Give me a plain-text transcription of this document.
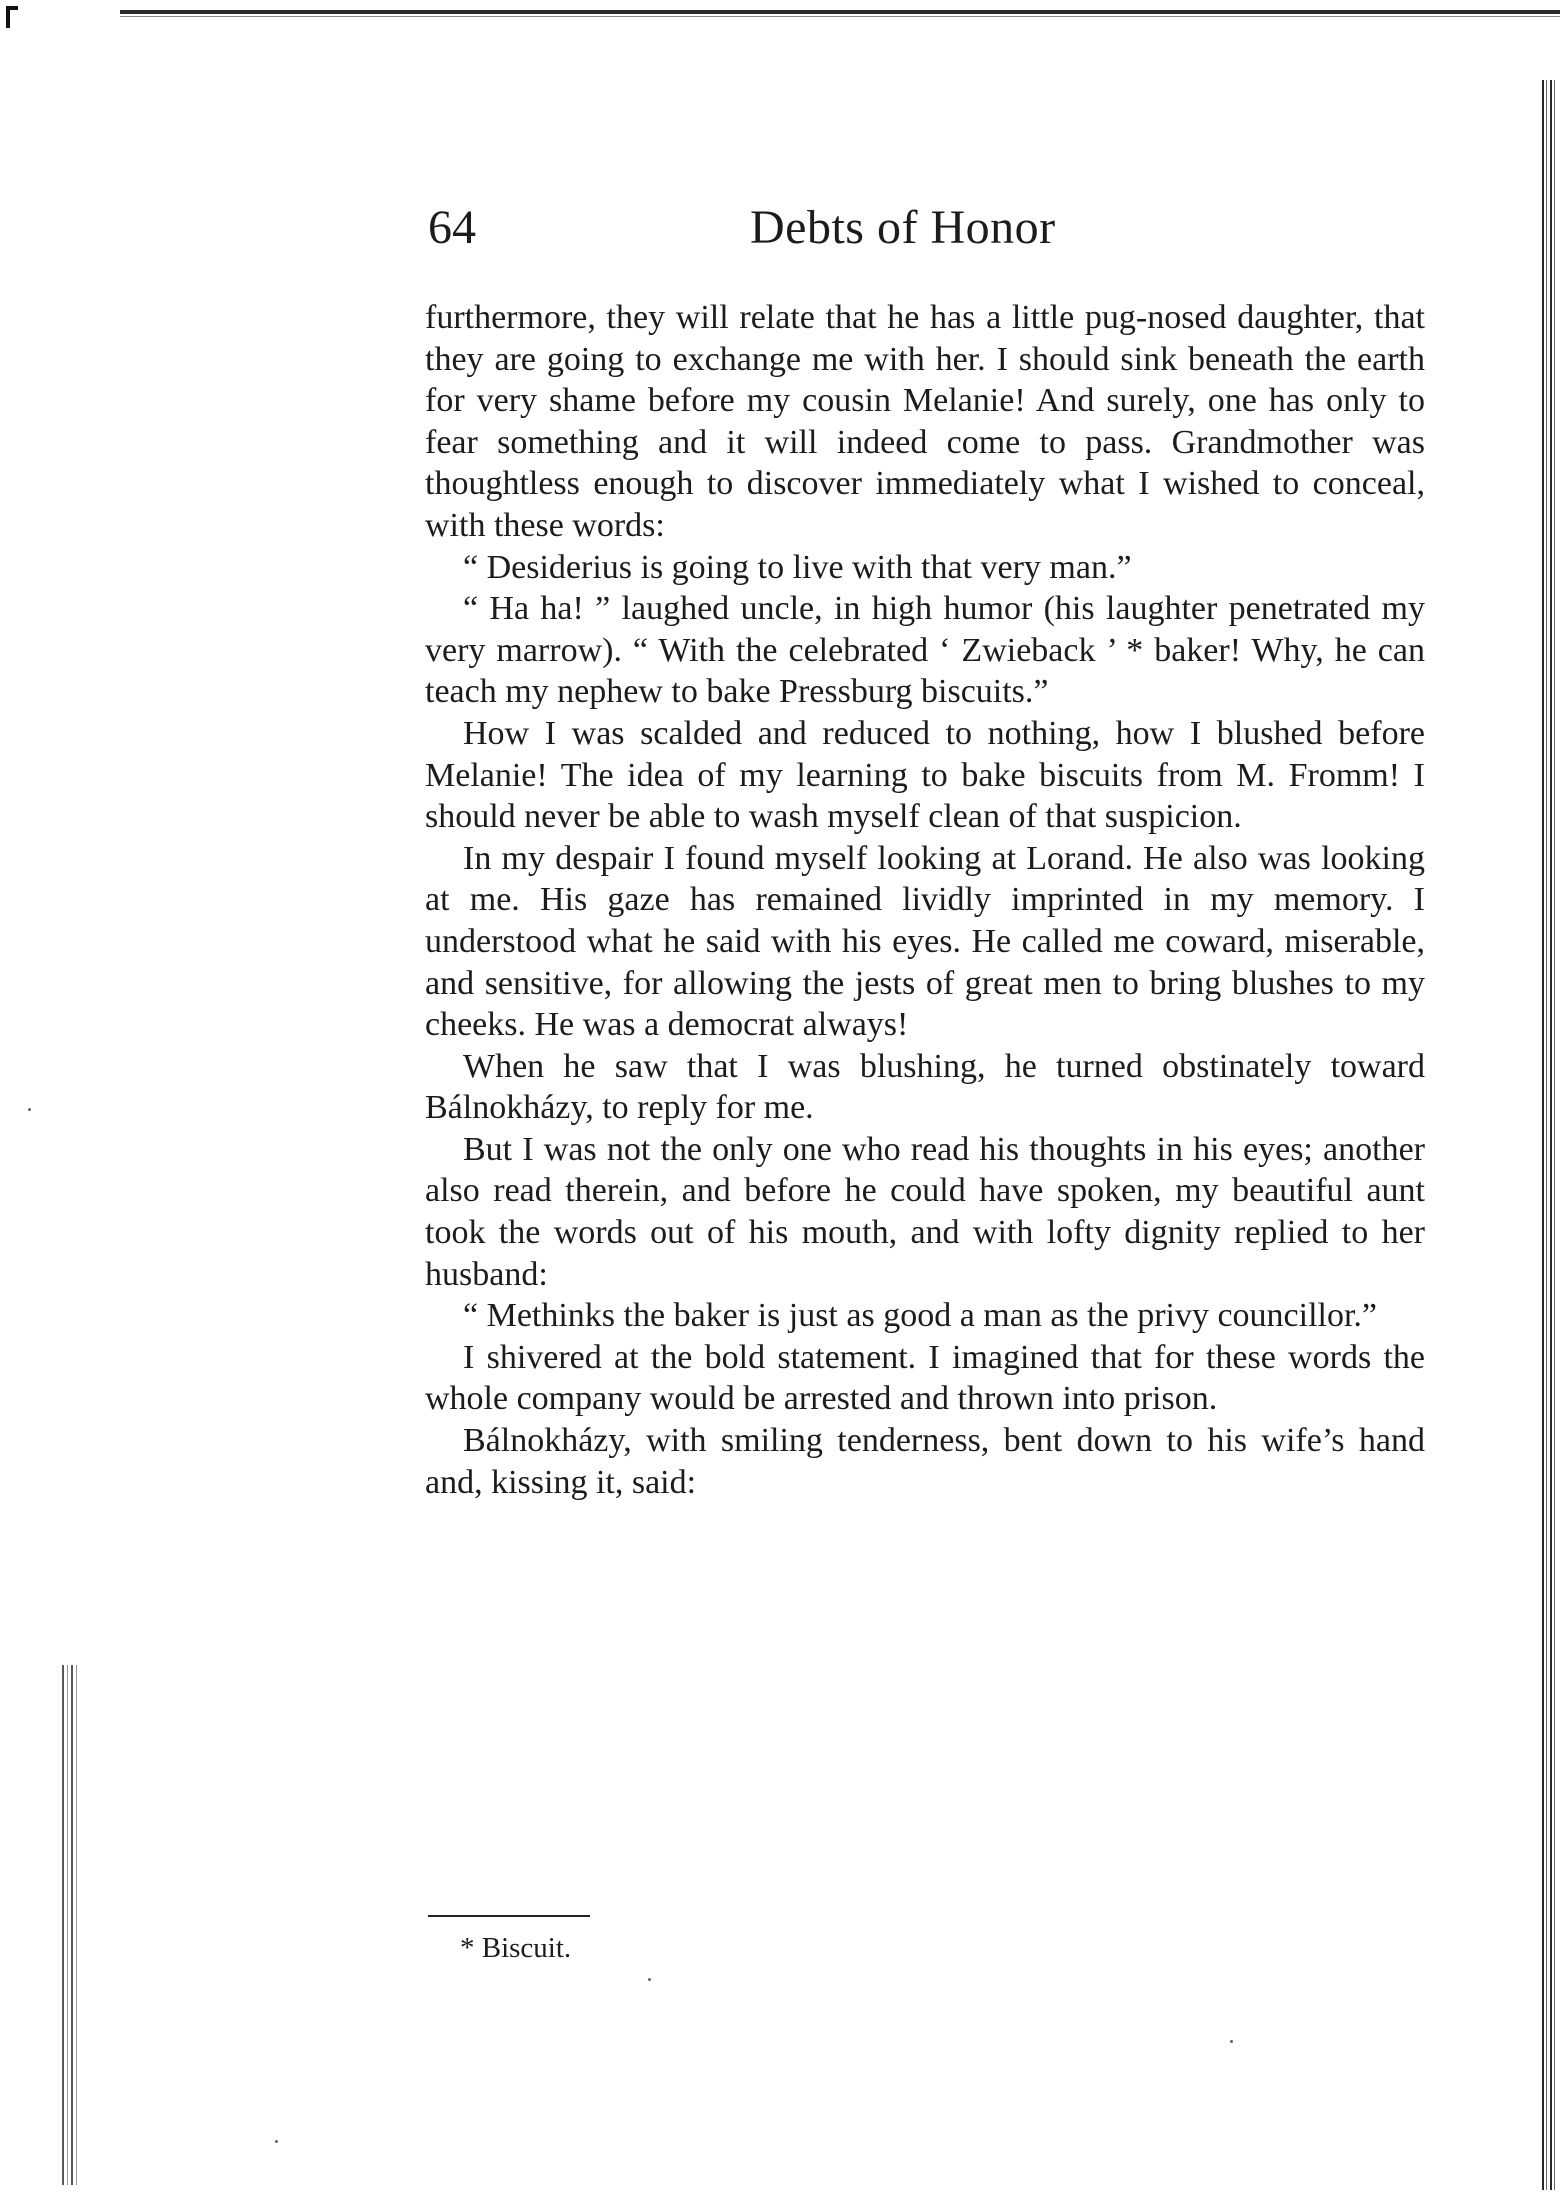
64	Debts of Honor

furthermore, they will relate that he has a little pug-nosed daughter, that they are going to exchange me with her. I should sink beneath the earth for very shame before my cousin Melanie! And surely, one has only to fear something and it will indeed come to pass. Grandmother was thoughtless enough to discover immediately what I wished to conceal, with these words:

“ Desiderius is going to live with that very man.”

“ Ha ha! ” laughed uncle, in high humor (his laughter penetrated my very marrow). “ With the celebrated ‘ Zwieback ’ * baker! Why, he can teach my nephew to bake Pressburg biscuits.”

How I was scalded and reduced to nothing, how I blushed before Melanie! The idea of my learning to bake biscuits from M. Fromm! I should never be able to wash myself clean of that suspicion.

In my despair I found myself looking at Lorand. He also was looking at me. His gaze has remained lividly imprinted in my memory. I understood what he said with his eyes. He called me coward, miserable, and sensitive, for allowing the jests of great men to bring blushes to my cheeks. He was a democrat always!

When he saw that I was blushing, he turned obstinately toward Bálnokházy, to reply for me.

But I was not the only one who read his thoughts in his eyes; another also read therein, and before he could have spoken, my beautiful aunt took the words out of his mouth, and with lofty dignity replied to her husband:

“ Methinks the baker is just as good a man as the privy councillor.”

I shivered at the bold statement. I imagined that for these words the whole company would be arrested and thrown into prison.

Bálnokházy, with smiling tenderness, bent down to his wife’s hand and, kissing it, said:

* Biscuit.
